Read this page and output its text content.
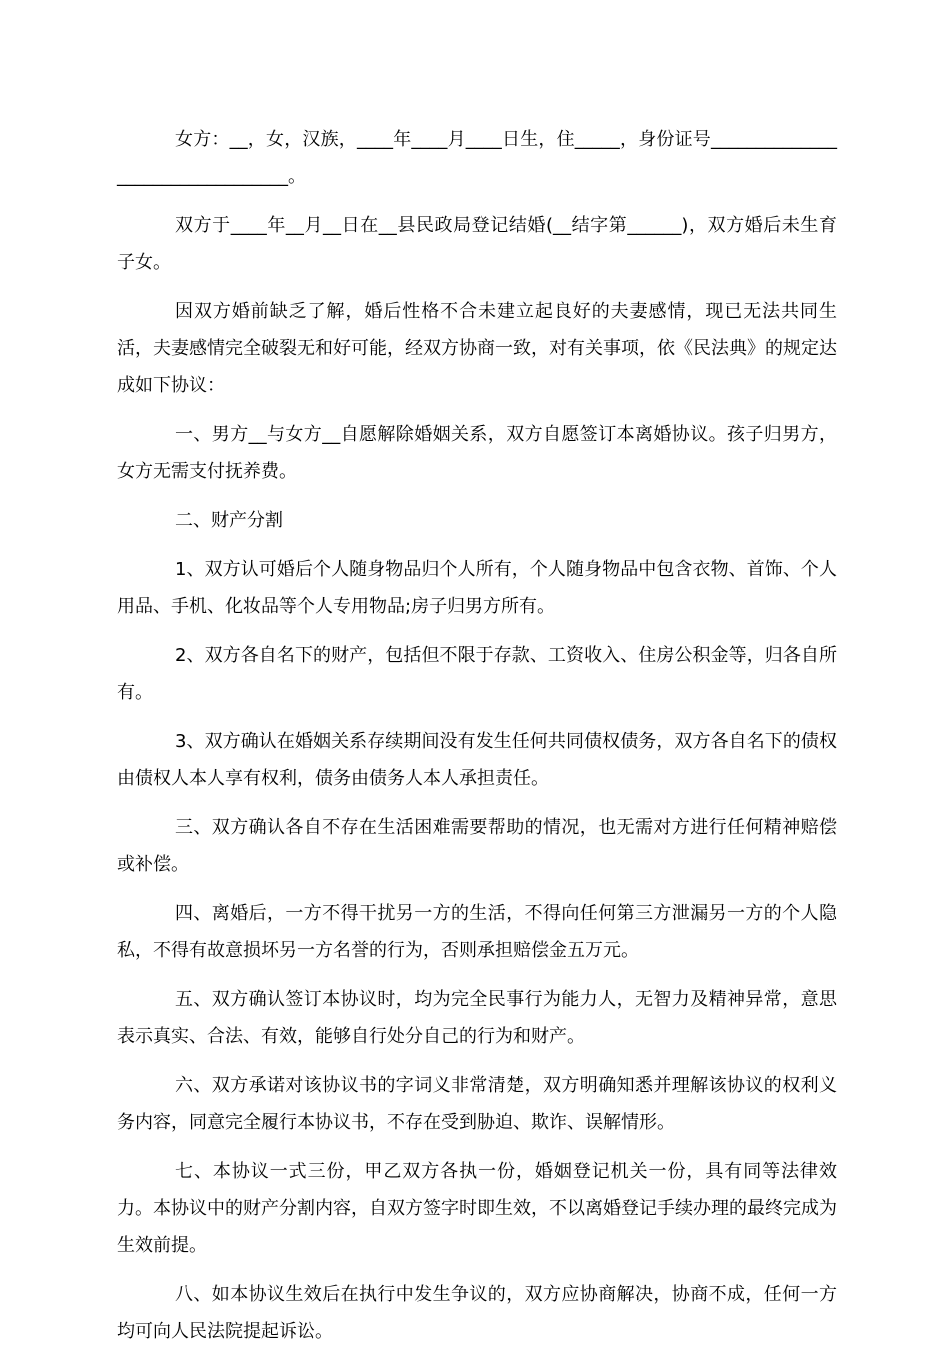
女方：__，女，汉族，____年____月____日生，住_____，身份证号_________________________________。

双方于____年__月__日在__县民政局登记结婚(__结字第______)，双方婚后未生育子女。

因双方婚前缺乏了解，婚后性格不合未建立起良好的夫妻感情，现已无法共同生活，夫妻感情完全破裂无和好可能，经双方协商一致，对有关事项，依《民法典》的规定达成如下协议：

一、男方__与女方__自愿解除婚姻关系，双方自愿签订本离婚协议。孩子归男方，女方无需支付抚养费。

二、财产分割

1、双方认可婚后个人随身物品归个人所有，个人随身物品中包含衣物、首饰、个人用品、手机、化妆品等个人专用物品;房子归男方所有。

2、双方各自名下的财产，包括但不限于存款、工资收入、住房公积金等，归各自所有。

3、双方确认在婚姻关系存续期间没有发生任何共同债权债务，双方各自名下的债权由债权人本人享有权利，债务由债务人本人承担责任。

三、双方确认各自不存在生活困难需要帮助的情况，也无需对方进行任何精神赔偿或补偿。

四、离婚后，一方不得干扰另一方的生活，不得向任何第三方泄漏另一方的个人隐私，不得有故意损坏另一方名誉的行为，否则承担赔偿金五万元。

五、双方确认签订本协议时，均为完全民事行为能力人，无智力及精神异常，意思表示真实、合法、有效，能够自行处分自己的行为和财产。

六、双方承诺对该协议书的字词义非常清楚，双方明确知悉并理解该协议的权利义务内容，同意完全履行本协议书，不存在受到胁迫、欺诈、误解情形。

七、本协议一式三份，甲乙双方各执一份，婚姻登记机关一份，具有同等法律效力。本协议中的财产分割内容，自双方签字时即生效，不以离婚登记手续办理的最终完成为生效前提。

八、如本协议生效后在执行中发生争议的，双方应协商解决，协商不成，任何一方均可向人民法院提起诉讼。
